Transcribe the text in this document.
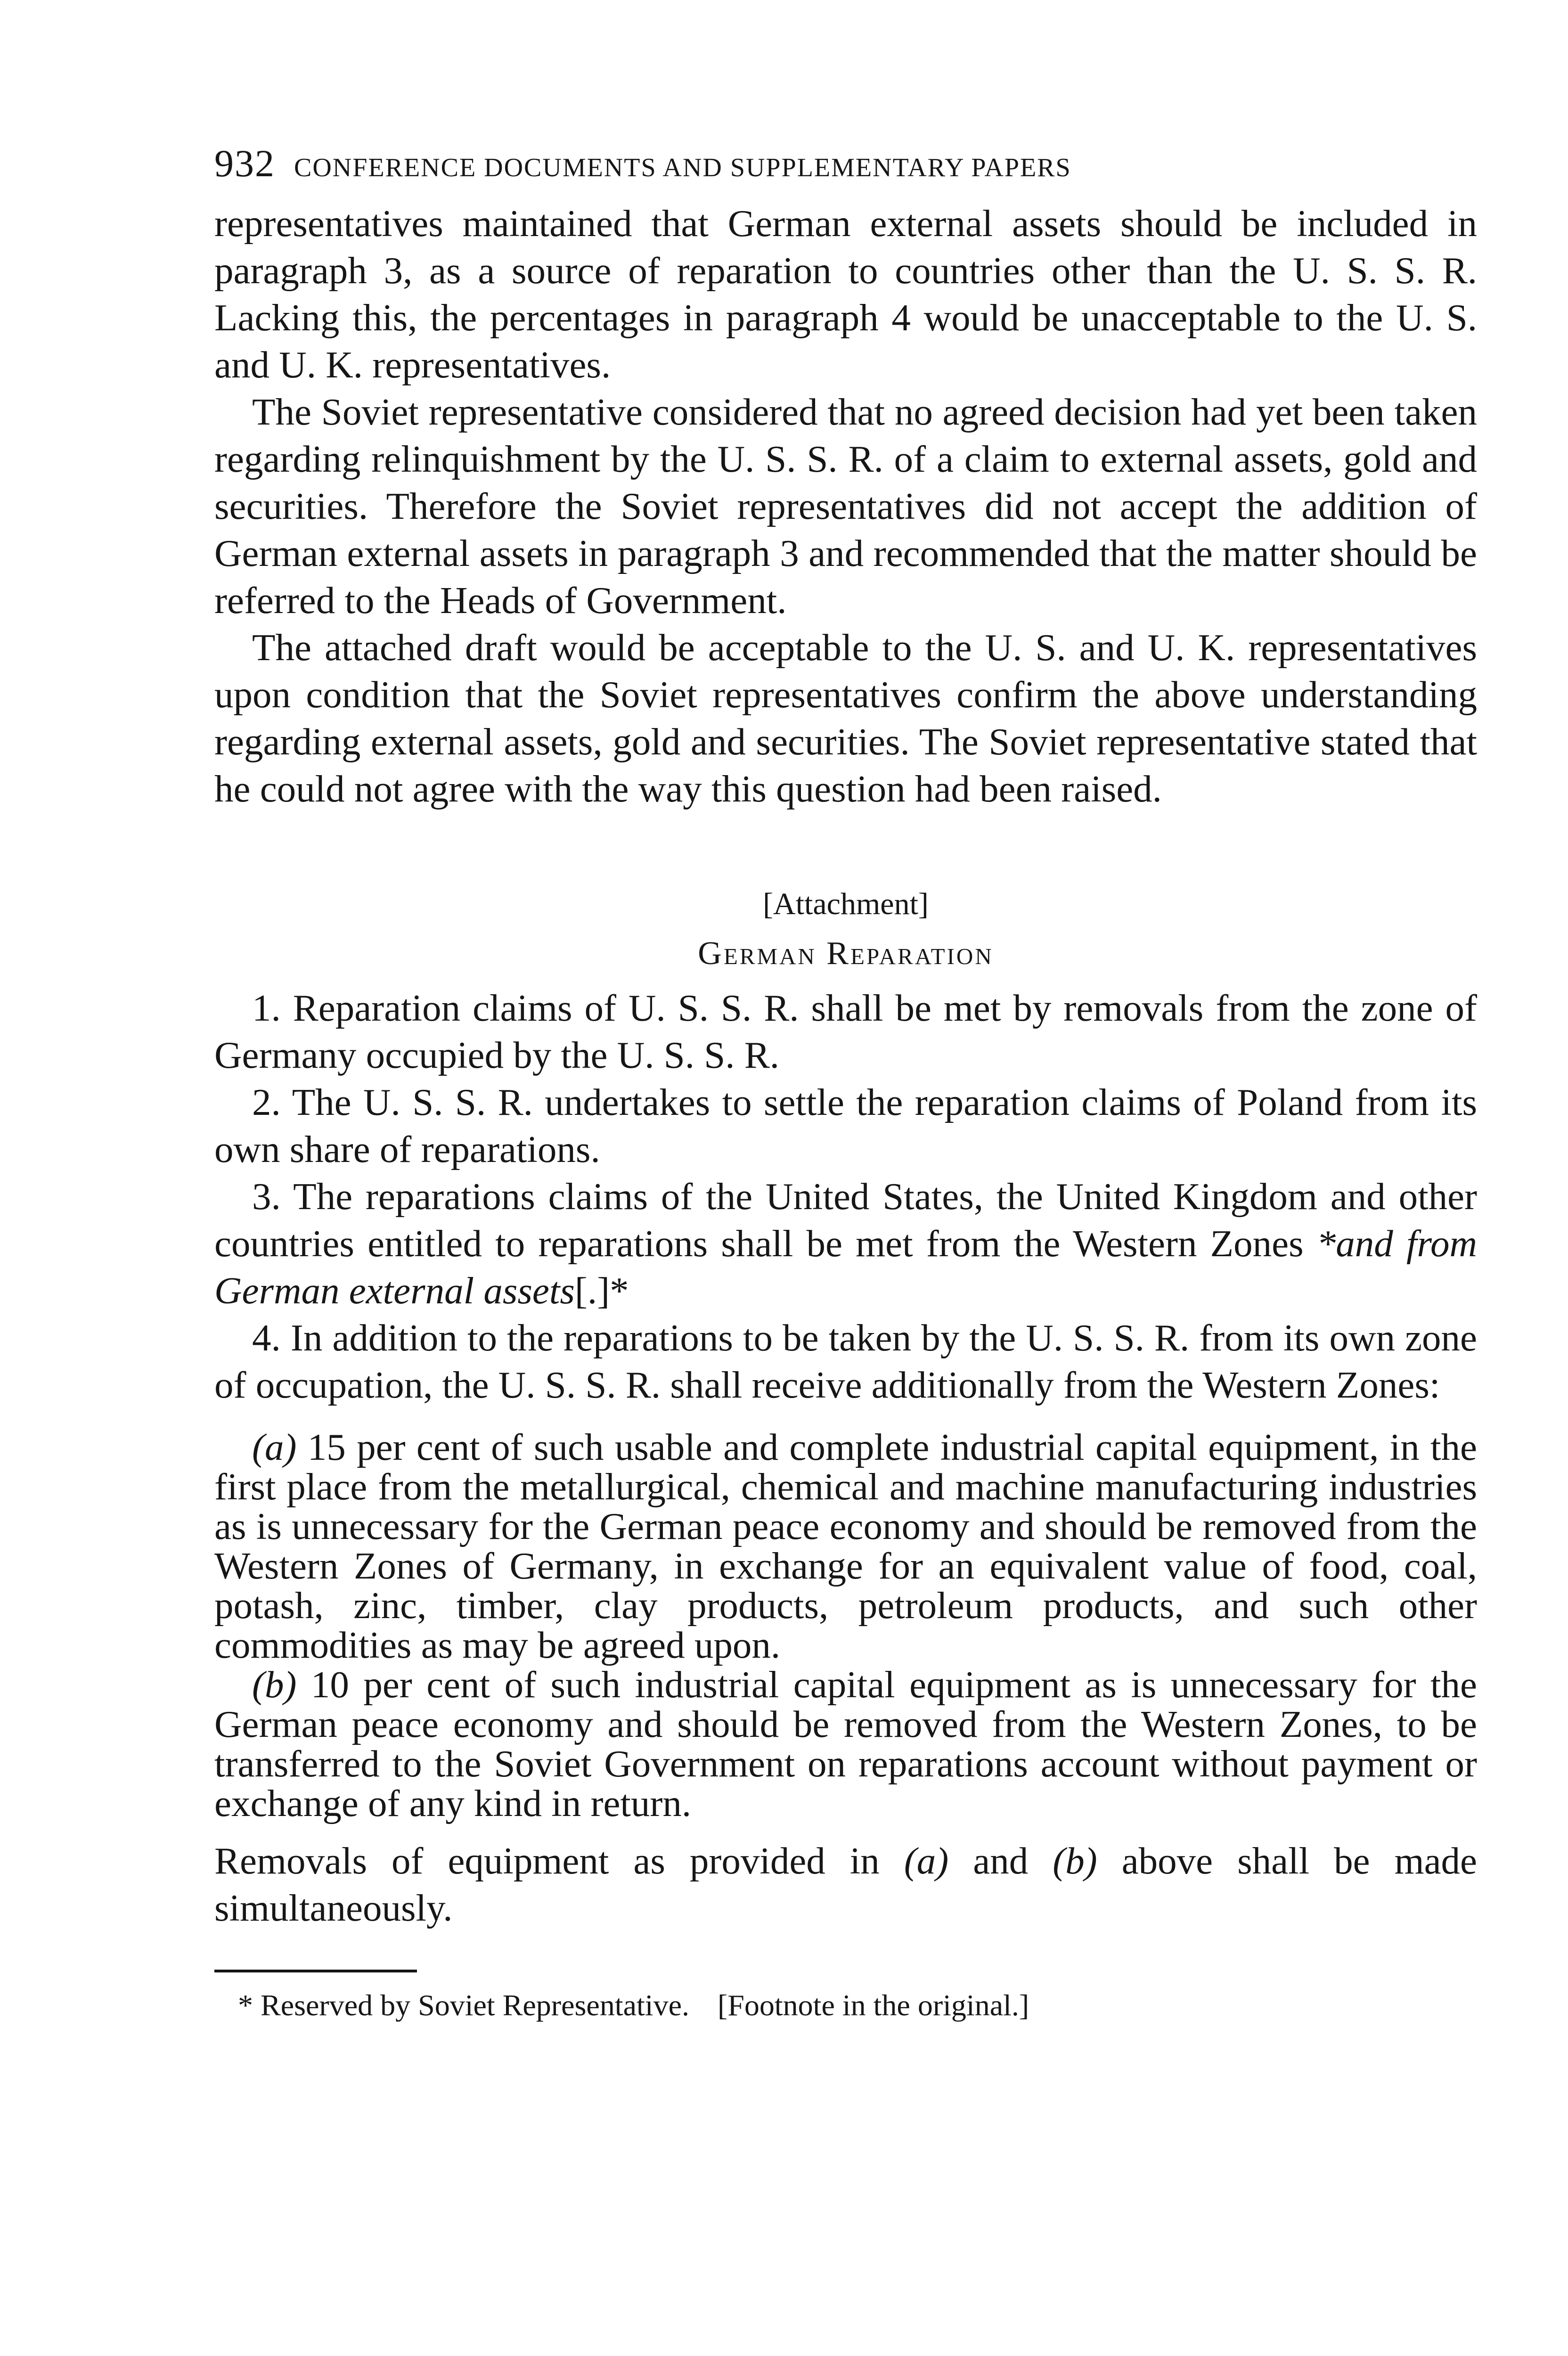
932 CONFERENCE DOCUMENTS AND SUPPLEMENTARY PAPERS

representatives maintained that German external assets should be included in paragraph 3, as a source of reparation to countries other than the U. S. S. R. Lacking this, the percentages in paragraph 4 would be unacceptable to the U. S. and U. K. representatives.

The Soviet representative considered that no agreed decision had yet been taken regarding relinquishment by the U. S. S. R. of a claim to external assets, gold and securities. Therefore the Soviet representatives did not accept the addition of German external assets in paragraph 3 and recommended that the matter should be referred to the Heads of Government.

The attached draft would be acceptable to the U. S. and U. K. representatives upon condition that the Soviet representatives confirm the above understanding regarding external assets, gold and securities. The Soviet representative stated that he could not agree with the way this question had been raised.

[Attachment]
German Reparation

1. Reparation claims of U. S. S. R. shall be met by removals from the zone of Germany occupied by the U. S. S. R.

2. The U. S. S. R. undertakes to settle the reparation claims of Poland from its own share of reparations.

3. The reparations claims of the United States, the United Kingdom and other countries entitled to reparations shall be met from the Western Zones *and from German external assets[.]*

4. In addition to the reparations to be taken by the U. S. S. R. from its own zone of occupation, the U. S. S. R. shall receive additionally from the Western Zones:

(a) 15 per cent of such usable and complete industrial capital equipment, in the first place from the metallurgical, chemical and machine manufacturing industries as is unnecessary for the German peace economy and should be removed from the Western Zones of Germany, in exchange for an equivalent value of food, coal, potash, zinc, timber, clay products, petroleum products, and such other commodities as may be agreed upon.

(b) 10 per cent of such industrial capital equipment as is unnecessary for the German peace economy and should be removed from the Western Zones, to be transferred to the Soviet Government on reparations account without payment or exchange of any kind in return.

Removals of equipment as provided in (a) and (b) above shall be made simultaneously.

* Reserved by Soviet Representative. [Footnote in the original.]
